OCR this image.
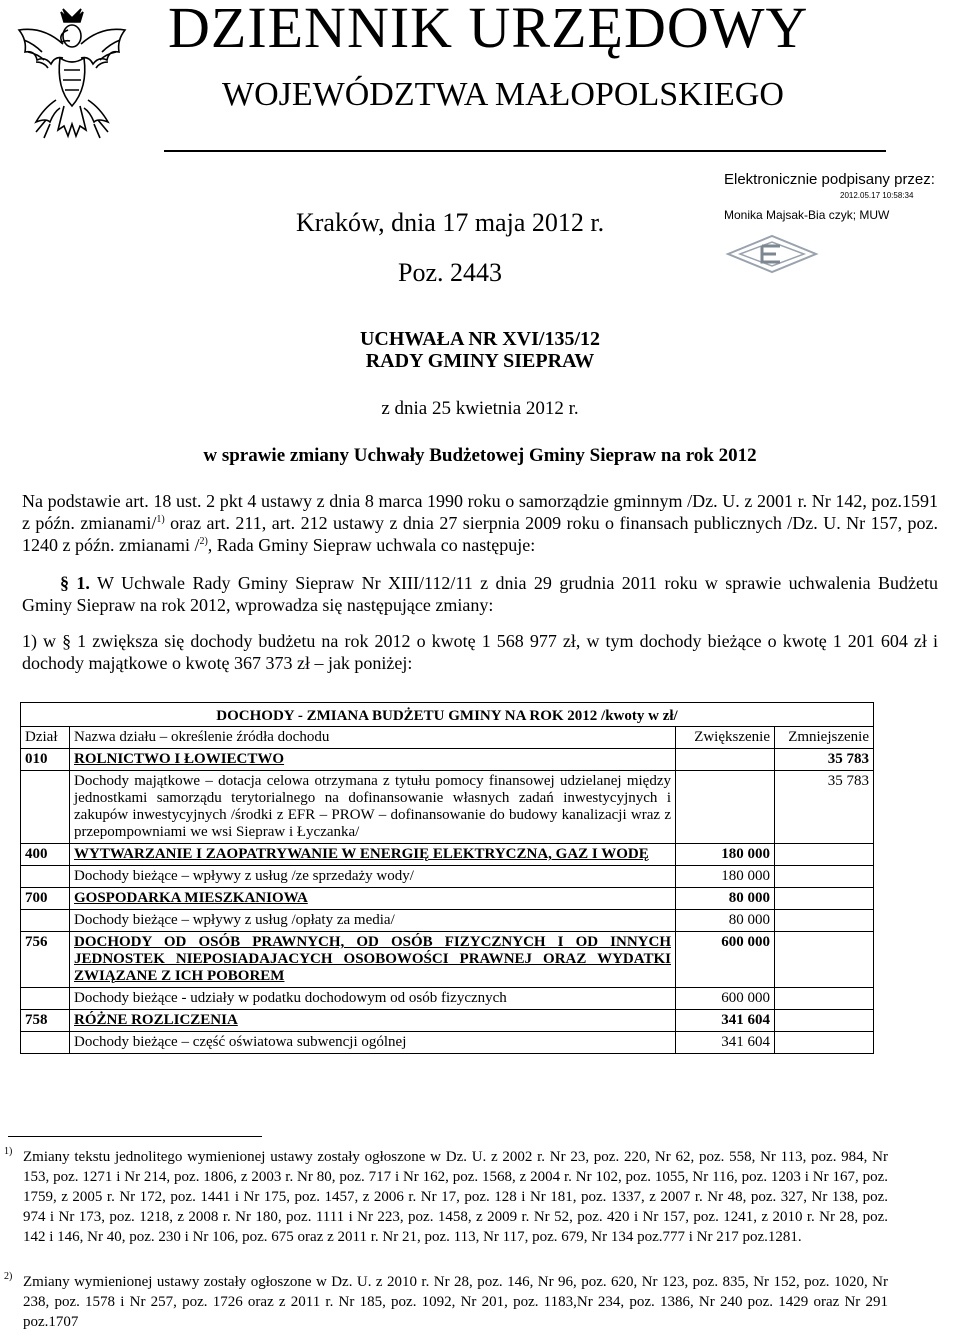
DZIENNIK URZĘDOWY
WOJEWÓDZTWA MAŁOPOLSKIEGO
Elektronicznie podpisany przez:
2012.05.17 10:58:34
Monika Majsak-Bia czyk; MUW
Kraków, dnia 17 maja 2012 r.
Poz. 2443
UCHWAŁA NR XVI/135/12
RADY GMINY SIEPRAW
z dnia 25 kwietnia 2012 r.
w sprawie zmiany Uchwały Budżetowej Gminy Siepraw na rok 2012

Na podstawie art. 18 ust. 2 pkt 4 ustawy z dnia 8 marca 1990 roku o samorządzie gminnym /Dz. U. z 2001 r. Nr 142, poz.1591 z późn. zmianami/$^{1)}$ oraz art. 211, art. 212 ustawy z dnia 27 sierpnia 2009 roku o finansach publicznych /Dz. U. Nr 157, poz. 1240 z późn. zmianami /$^{2)}$, Rada Gminy Siepraw uchwala co następuje:

§ 1. W Uchwale Rady Gminy Siepraw Nr XIII/112/11 z dnia 29 grudnia 2011 roku w sprawie uchwalenia Budżetu Gminy Siepraw na rok 2012, wprowadza się następujące zmiany:

1) w § 1 zwiększa się dochody budżetu na rok 2012 o kwotę 1 568 977 zł, w tym dochody bieżące o kwotę 1 201 604 zł i dochody majątkowe o kwotę 367 373 zł – jak poniżej:

DOCHODY - ZMIANA BUDŻETU GMINY NA ROK 2012 /kwoty w zł/			
Dział	Nazwa działu – określenie źródła dochodu	Zwiększenie	Zmniejszenie
010	ROLNICTWO I ŁOWIECTWO		35 783
	Dochody majątkowe – dotacja celowa otrzymana z tytułu pomocy finansowej udzielanej między jednostkami samorządu terytorialnego na dofinansowanie własnych zadań inwestycyjnych i zakupów inwestycyjnych /środki z EFR – PROW – dofinansowanie do budowy kanalizacji wraz z przepompowniami we wsi Siepraw i Łyczanka/		35 783
400	WYTWARZANIE I ZAOPATRYWANIE W ENERGIĘ ELEKTRYCZNA, GAZ I WODĘ	180 000	
	Dochody bieżące – wpływy z usług /ze sprzedaży wody/	180 000	
700	GOSPODARKA MIESZKANIOWA	80 000	
	Dochody bieżące – wpływy z usług /opłaty za media/	80 000	
756	DOCHODY OD OSÓB PRAWNYCH, OD OSÓB FIZYCZNYCH I OD INNYCH JEDNOSTEK NIEPOSIADAJACYCH OSOBOWOŚCI PRAWNEJ ORAZ WYDATKI ZWIĄZANE Z ICH POBOREM	600 000	
	Dochody bieżące - udziały w podatku dochodowym od osób fizycznych	600 000	
758	RÓŻNE ROZLICZENIA	341 604	
	Dochody bieżące – część oświatowa subwencji ogólnej	341 604	
1) Zmiany tekstu jednolitego wymienionej ustawy zostały ogłoszone w Dz. U. z 2002 r. Nr 23, poz. 220, Nr 62, poz. 558, Nr 113, poz. 984, Nr 153, poz. 1271 i Nr 214, poz. 1806, z 2003 r. Nr 80, poz. 717 i Nr 162, poz. 1568, z 2004 r. Nr 102, poz. 1055, Nr 116, poz. 1203 i Nr 167, poz. 1759, z 2005 r. Nr 172, poz. 1441 i Nr 175, poz. 1457, z 2006 r. Nr 17, poz. 128 i Nr 181, poz. 1337, z 2007 r. Nr 48, poz. 327, Nr 138, poz. 974 i Nr 173, poz. 1218, z 2008 r. Nr 180, poz. 1111 i Nr 223, poz. 1458, z 2009 r. Nr 52, poz. 420 i Nr 157, poz. 1241, z 2010 r. Nr 28, poz. 142 i 146, Nr 40, poz. 230 i Nr 106, poz. 675 oraz z 2011 r. Nr 21, poz. 113, Nr 117, poz. 679, Nr 134 poz.777 i Nr 217 poz.1281.
2) Zmiany wymienionej ustawy zostały ogłoszone w Dz. U. z 2010 r. Nr 28, poz. 146, Nr 96, poz. 620, Nr 123, poz. 835, Nr 152, poz. 1020, Nr 238, poz. 1578 i Nr 257, poz. 1726 oraz z 2011 r. Nr 185, poz. 1092, Nr 201, poz. 1183,Nr 234, poz. 1386, Nr 240 poz. 1429 oraz Nr 291 poz.1707
